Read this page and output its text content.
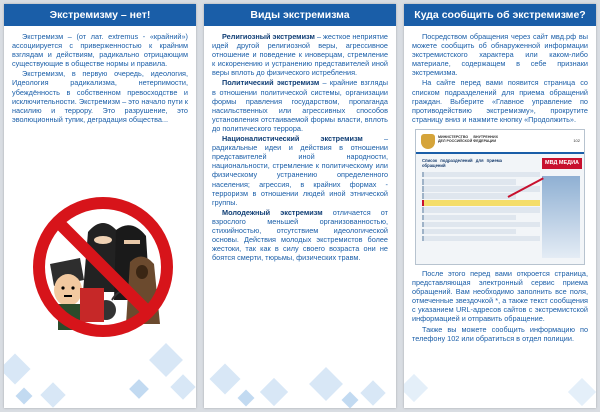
Экстремизму – нет!

Экстремизм – (от лат. extremus - «крайний») ассоциируется с приверженностью к крайним взглядам и действиям, радикально отрицающим существующие в обществе нормы и правила.

Экстремизм, в первую очередь, идеология, Идеология радикализма, нетерпимости, убеждённость в собственном превосходстве и исключительности. Экстремизм – это начало пути к насилию и террору. Это разрушение, это эволюционный тупик, деградация общества...

Виды экстремизма

Религиозный экстремизм – жесткое неприятие идей другой религиозной веры, агрессивное отношение и поведение к иноверцам, стремление к искоренению и устранению представителей иной веры вплоть до физического истребления.

Политический экстремизм – крайние взгляды в отношении политической системы, организации формы правления государством, пропаганда насильственных или агрессивных способов установления отстаиваемой формы власти, вплоть до политического террора.

Националистический экстремизм – радикальные идеи и действия в отношении представителей иной народности, национальности, стремление к политическому или физическому устранению определенного населения; агрессия, в крайних формах - терроризм в отношении людей иной этнической группы.

Молодежный экстремизм отличается от взрослого меньшей организованностью, стихийностью, отсутствием идеологической основы. Действия молодых экстремистов более жестоки, так как в силу своего возраста они не боятся смерти, тюрьмы, физических травм.

Куда сообщить об экстремизме?

Посредством обращения через сайт мвд.рф вы можете сообщить об обнаруженной информации экстремистского характера или каком-либо материале, содержащем в себе признаки экстремизма.

На сайте перед вами появится страница со списком подразделений для приема обращений граждан. Выберите «Главное управление по противодействию экстремизму», прокрутите страницу вниз и нажмите кнопку «Продолжить».

МИНИСТЕРСТВО ВНУТРЕННИХ ДЕЛ РОССИЙСКОЙ ФЕДЕРАЦИИ	102
Список подразделений для приема обращений	МВД МЕДИА

После этого перед вами откроется страница, представляющая электронный сервис приема обращений. Вам необходимо заполнить все поля, отмеченные звездочкой *, а также текст сообщения с указанием URL-адресов сайтов с экстремистской информацией и отправить обращение.

Также вы можете сообщить информацию по телефону 102 или обратиться в отдел полиции.
